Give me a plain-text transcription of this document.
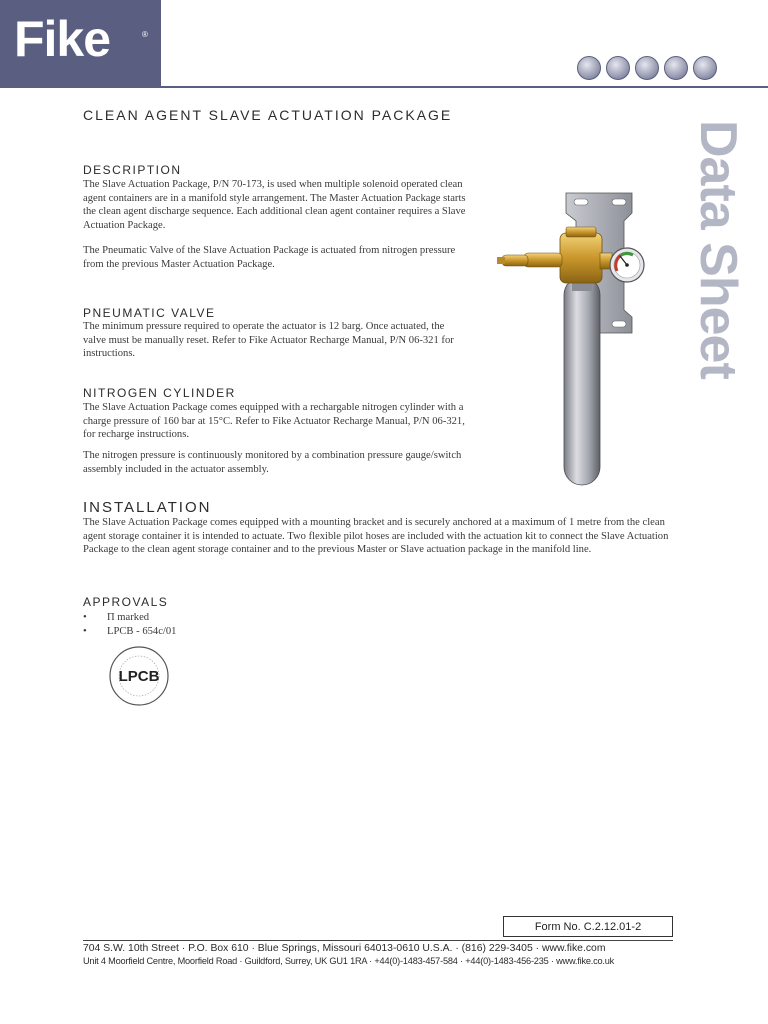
Fike	®
CLEAN AGENT SLAVE ACTUATION PACKAGE
Data Sheet
DESCRIPTION
The Slave Actuation Package, P/N 70-173, is used when multiple solenoid operated clean agent containers are in a manifold style arrangement. The Master Actuation Package starts the clean agent discharge sequence. Each additional clean agent container requires a Slave Actuation Package.
The Pneumatic Valve of the Slave Actuation Package is actuated from nitrogen pressure from the previous Master Actuation Package.
PNEUMATIC VALVE
The minimum pressure required to operate the actuator is 12 barg. Once actuated, the valve must be manually reset. Refer to Fike Actuator Recharge Manual, P/N 06-321 for instructions.
NITROGEN CYLINDER
The Slave Actuation Package comes equipped with a rechargable nitrogen cylinder with a charge pressure of 160 bar at 15°C. Refer to Fike Actuator Recharge Manual, P/N 06-321, for recharge instructions.
The nitrogen pressure is continuously monitored by a combination pressure gauge/switch assembly included in the actuator assembly.
INSTALLATION
The Slave Actuation Package comes equipped with a mounting bracket and is securely anchored at a maximum of 1 metre from the clean agent storage container it is intended to actuate. Two flexible pilot hoses are included with the actuation kit to connect the Slave Actuation Package to the clean agent storage container and to the previous Master or Slave actuation package in the manifold line.
APPROVALS
•	Π marked
•	LPCB - 654c/01
LPCB
Form No. C.2.12.01-2
704 S.W. 10th Street · P.O. Box 610 · Blue Springs, Missouri 64013-0610 U.S.A. · (816) 229-3405 · www.fike.com
Unit 4 Moorfield Centre, Moorfield Road · Guildford, Surrey, UK GU1 1RA · +44(0)-1483-457-584 · +44(0)-1483-456-235 · www.fike.co.uk
